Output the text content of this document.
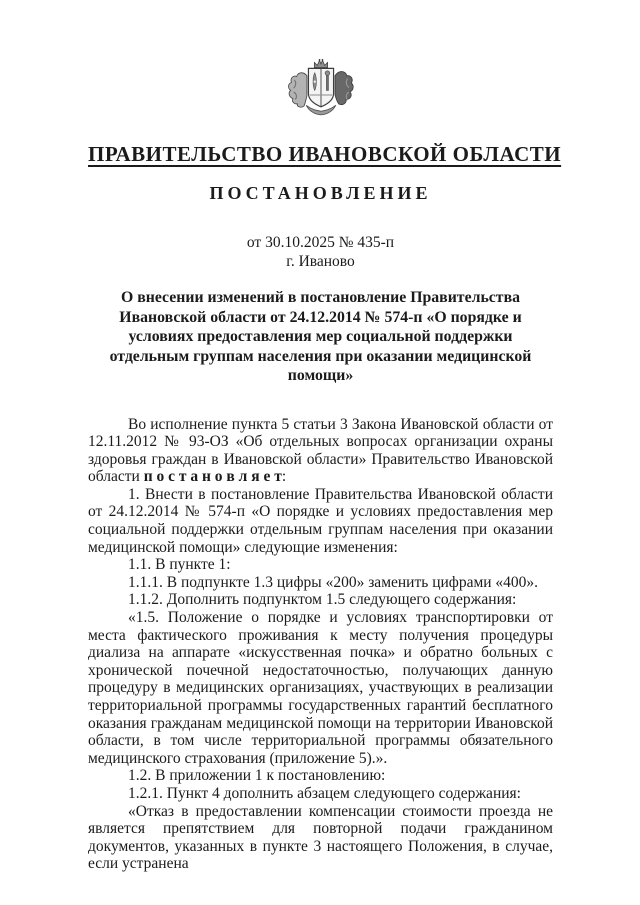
ПРАВИТЕЛЬСТВО ИВАНОВСКОЙ ОБЛАСТИ
ПОСТАНОВЛЕНИЕ
от 30.10.2025 № 435-п
г. Иваново
О внесении изменений в постановление Правительства Ивановской области от 24.12.2014 № 574-п «О порядке и условиях предоставления мер социальной поддержки отдельным группам населения при оказании медицинской помощи»

Во исполнение пункта 5 статьи 3 Закона Ивановской области от 12.11.2012 № 93-ОЗ «Об отдельных вопросах организации охраны здоровья граждан в Ивановской области» Правительство Ивановской области п о с т а н о в л я е т:

1. Внести в постановление Правительства Ивановской области от 24.12.2014 № 574-п «О порядке и условиях предоставления мер социальной поддержки отдельным группам населения при оказании медицинской помощи» следующие изменения:

1.1. В пункте 1:

1.1.1. В подпункте 1.3 цифры «200» заменить цифрами «400».

1.1.2. Дополнить подпунктом 1.5 следующего содержания:

«1.5. Положение о порядке и условиях транспортировки от места фактического проживания к месту получения процедуры диализа на аппарате «искусственная почка» и обратно больных с хронической почечной недостаточностью, получающих данную процедуру в медицинских организациях, участвующих в реализации территориальной программы государственных гарантий бесплатного оказания гражданам медицинской помощи на территории Ивановской области, в том числе территориальной программы обязательного медицинского страхования (приложение 5).».

1.2. В приложении 1 к постановлению:

1.2.1. Пункт 4 дополнить абзацем следующего содержания:

«Отказ в предоставлении компенсации стоимости проезда не является препятствием для повторной подачи гражданином документов, указанных в пункте 3 настоящего Положения, в случае, если устранена
